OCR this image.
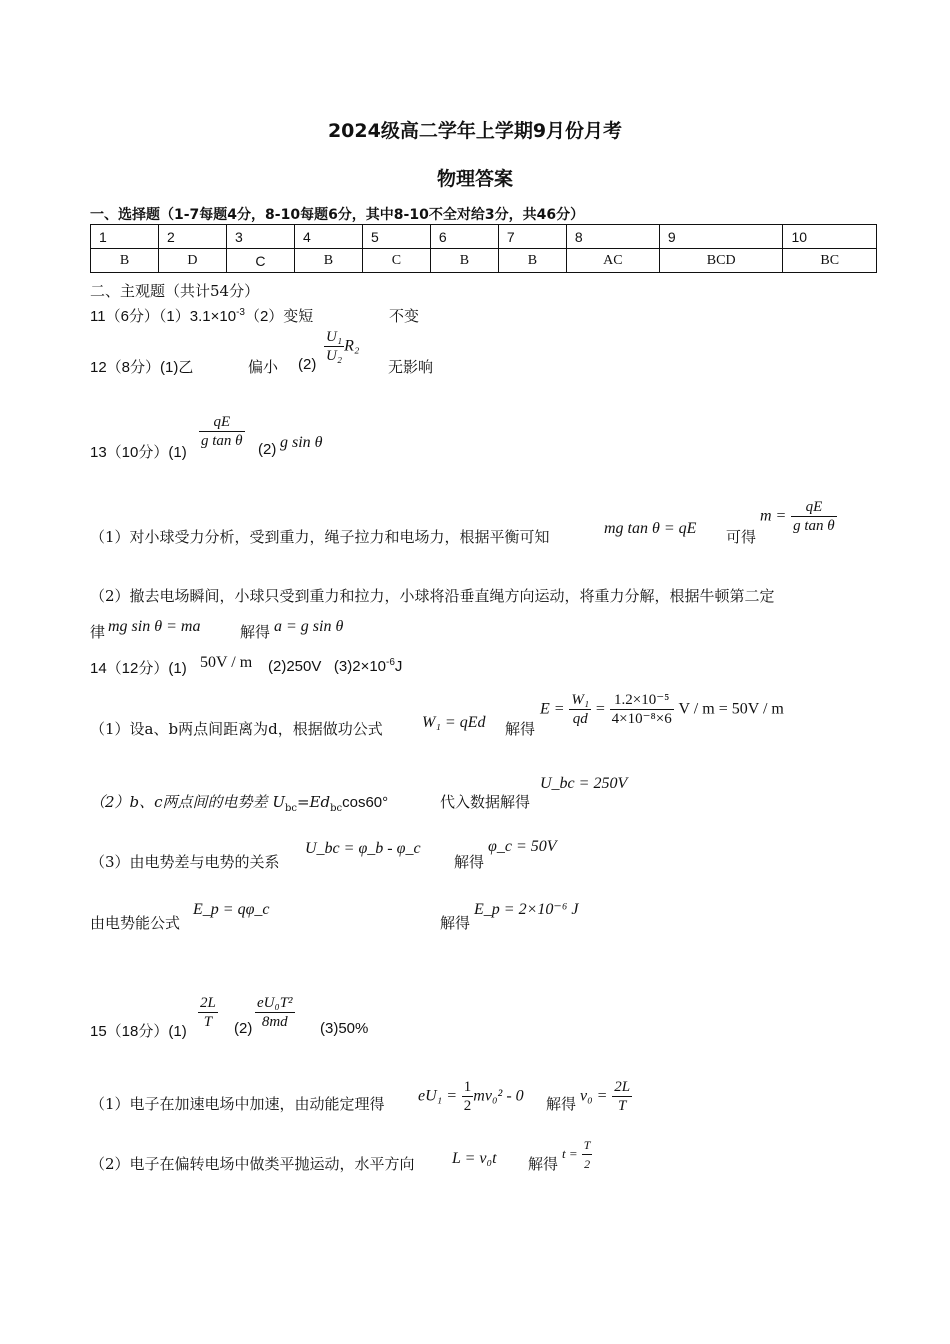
2024级高二学年上学期9月份月考
物理答案
一、选择题（1-7每题4分，8-10每题6分，其中8-10不全对给3分，共46分）
1	2	3	4	5	6	7	8	9	10
B	D	C	B	C	B	B	AC	BCD	BC
二、主观题（共计54分）
11（6分）$(1)3.1\times 10^{-3}(2)$变短	不变
12（8分）(1)乙	偏小 $(2) \frac{\text{U₁}}{\text{U₂}} R_2$
无影响
13（10分）(1)
$\frac{qE}{\text{g tan θ}} (2)$ g sin θ
（1）对小球受力分析，受到重力，绳子拉力和电场力，根据平衡可知	mg tan θ = qE 可得
$m = \frac{qE}{\text{g tan θ}}$
（2）撤去电场瞬间，小球只受到重力和拉力，小球将沿垂直绳方向运动，将重力分解，根据牛顿第二定
律 mg sin θ = ma	解得 a = g sin θ
14（12分）(1) 50V / m (2)250V $(3)2\times 10^{-6}J$
（1）设a、b两点间距离为d，根据做功公式 W₁ = qEd 解得
$E = \frac{\text{W₁}}{qd} = \frac{\text{1.2×10⁻⁵}}{\text{4×10⁻⁸×6}}$ V / m = 50V / m
（2）b、c两点间的电势差 $U_{bc}=Ed_{bc}\cos 60^\circ$	代入数据解得
U_bc = 250V
（3）由电势差与电势的关系
U_bc = φ_b - φ_c
解得
φ_c = 50V
由电势能公式
E_p = qφ_c
解得
E_p = 2×10⁻⁶ J
15（18分）(1)
$\frac{2L}{T} (2) \frac{\text{eU₀T²}}{8md} (3)50\%$
（1）电子在加速电场中加速，由动能定理得 $eU_1 = \frac{1}{2} mv_0^2 - 0$ 解得 $v_0 = \frac{2L}{T}$
（2）电子在偏转电场中做类平抛运动，水平方向 L = v₀t 解得
$t = \frac{T}{2}$
